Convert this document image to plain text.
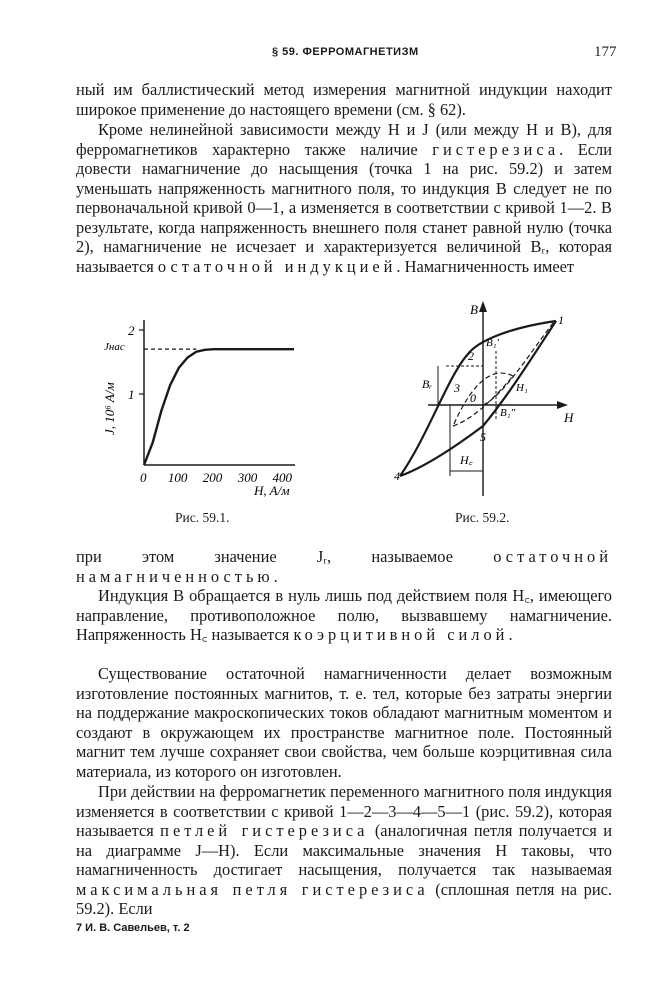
§ 59. ФЕРРОМАГНЕТИЗМ	177

ный им баллистический метод измерения магнитной индукции находит широкое применение до настоящего времени (см. § 62).

Кроме нелинейной зависимости между H и J (или между H и B), для ферромагнетиков характерно также наличие гистерезиса. Если довести намагничение до насыщения (точка 1 на рис. 59.2) и затем уменьшать напряженность магнитного поля, то индукция B следует не по первоначальной кривой 0—1, а изменяется в соответствии с кривой 1—2. В результате, когда напряженность внешнего поля станет равной нулю (точка 2), намагничение не исчезает и характеризуется величиной Bᵣ, которая называется остаточной индукцией. Намагниченность имеет

2
1
Jнас
J, 10⁶ A/м
0 100 200 300 400
H, A/м
Рис. 59.1.
B
H
1
2
3
4
5
0
Bᵣ
H꜀
B₁′
B₁″
H₁
Рис. 59.2.

при этом значение Jᵣ, называемое остаточной намагниченностью.

Индукция B обращается в нуль лишь под действием поля H꜀, имеющего направление, противоположное полю, вызвавшему намагничение. Напряженность H꜀ называется коэрцитивной силой.

Существование остаточной намагниченности делает возможным изготовление постоянных магнитов, т. е. тел, которые без затраты энергии на поддержание макроскопических токов обладают магнитным моментом и создают в окружающем их пространстве магнитное поле. Постоянный магнит тем лучше сохраняет свои свойства, чем больше коэрцитивная сила материала, из которого он изготовлен.

При действии на ферромагнетик переменного магнитного поля индукция изменяется в соответствии с кривой 1—2—3—4—5—1 (рис. 59.2), которая называется петлей гистерезиса (аналогичная петля получается и на диаграмме J—H). Если максимальные значения H таковы, что намагниченность достигает насыщения, получается так называемая максимальная петля гистерезиса (сплошная петля на рис. 59.2). Если

7 И. В. Савельев, т. 2
